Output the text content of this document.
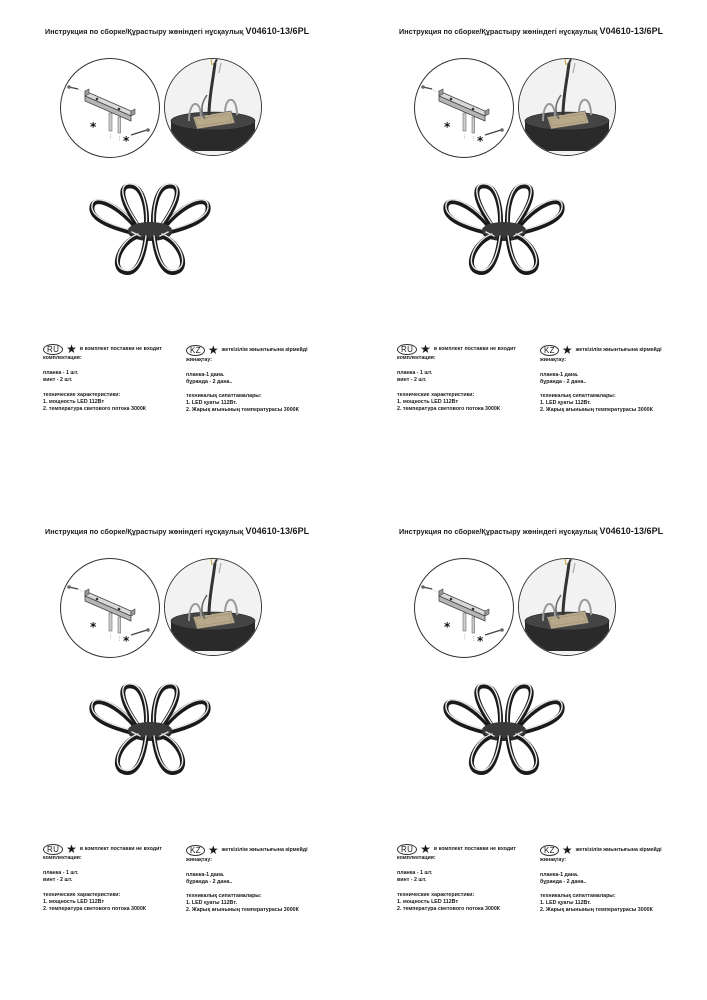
Инструкция по сборке/Құрастыру жөніндегі нұсқаулық V04610-13/6PL
*
*
RU ★ в комплект поставки не входит
комплектация:
планка - 1 шт.
винт - 2 шт.
технические характеристики:
1. мощность LED 112Вт
2. температура светового потока 3000К
KZ ★ жеткізілім жиынтығына кірмейді
жинақтау:
планка-1 дана.
бұранда - 2 дана..
техникалық сипаттамалары:
1. LED қуаты 112Вт.
2. Жарық ағынының температурасы 3000К
Инструкция по сборке/Құрастыру жөніндегі нұсқаулық V04610-13/6PL
*
*
RU ★ в комплект поставки не входит
комплектация:
планка - 1 шт.
винт - 2 шт.
технические характеристики:
1. мощность LED 112Вт
2. температура светового потока 3000К
KZ ★ жеткізілім жиынтығына кірмейді
жинақтау:
планка-1 дана.
бұранда - 2 дана..
техникалық сипаттамалары:
1. LED қуаты 112Вт.
2. Жарық ағынының температурасы 3000К
Инструкция по сборке/Құрастыру жөніндегі нұсқаулық V04610-13/6PL
*
*
RU ★ в комплект поставки не входит
комплектация:
планка - 1 шт.
винт - 2 шт.
технические характеристики:
1. мощность LED 112Вт
2. температура светового потока 3000К
KZ ★ жеткізілім жиынтығына кірмейді
жинақтау:
планка-1 дана.
бұранда - 2 дана..
техникалық сипаттамалары:
1. LED қуаты 112Вт.
2. Жарық ағынының температурасы 3000К
Инструкция по сборке/Құрастыру жөніндегі нұсқаулық V04610-13/6PL
*
*
RU ★ в комплект поставки не входит
комплектация:
планка - 1 шт.
винт - 2 шт.
технические характеристики:
1. мощность LED 112Вт
2. температура светового потока 3000К
KZ ★ жеткізілім жиынтығына кірмейді
жинақтау:
планка-1 дана.
бұранда - 2 дана..
техникалық сипаттамалары:
1. LED қуаты 112Вт.
2. Жарық ағынының температурасы 3000К
